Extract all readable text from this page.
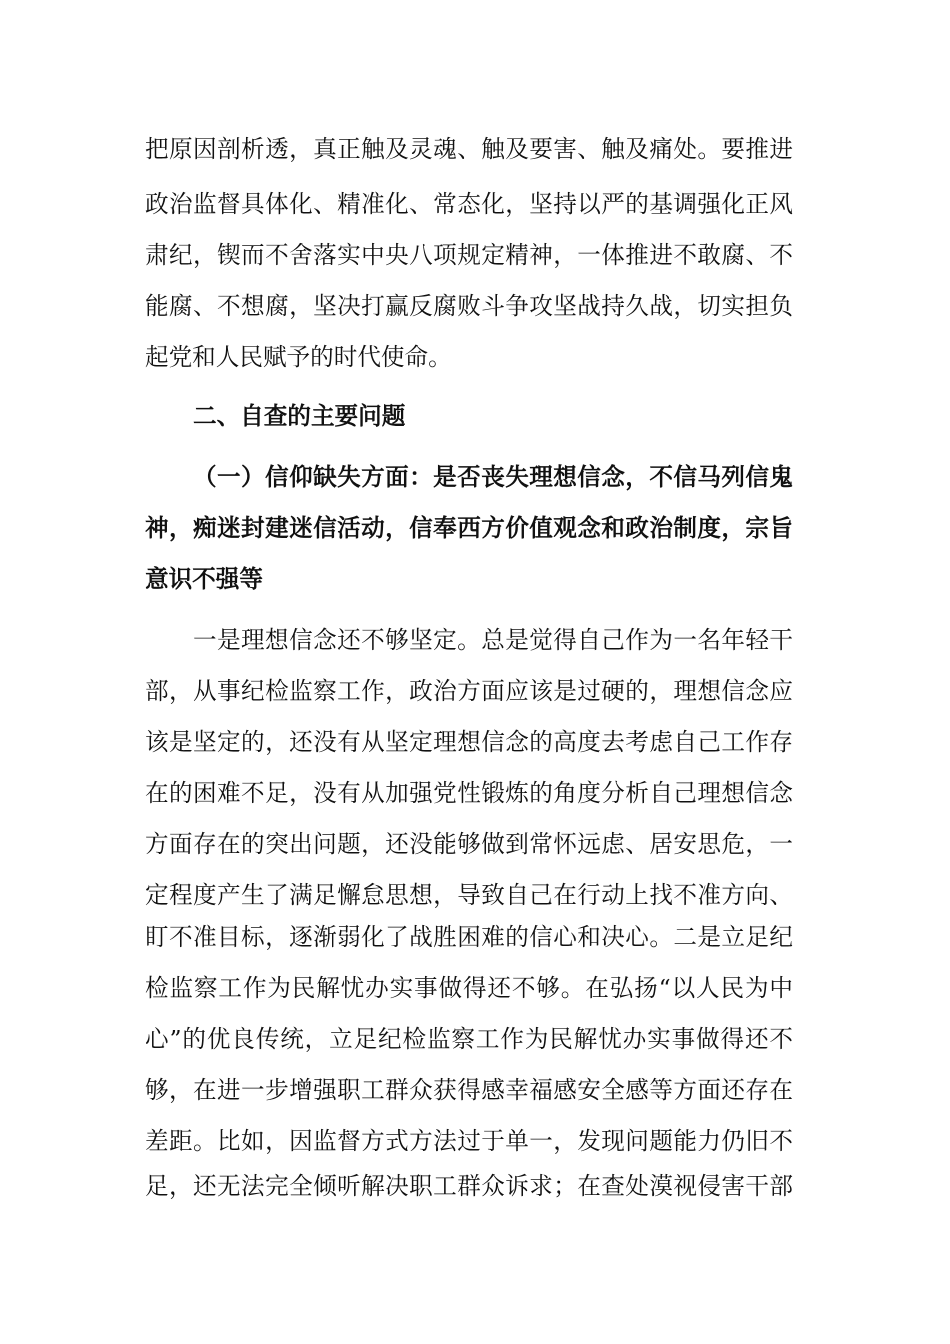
把原因剖析透，真正触及灵魂、触及要害、触及痛处。要推进
政治监督具体化、精准化、常态化，坚持以严的基调强化正风
肃纪，锲而不舍落实中央八项规定精神，一体推进不敢腐、不
能腐、不想腐，坚决打赢反腐败斗争攻坚战持久战，切实担负
起党和人民赋予的时代使命。
二、自查的主要问题
（一）信仰缺失方面：是否丧失理想信念，不信马列信鬼
神，痴迷封建迷信活动，信奉西方价值观念和政治制度，宗旨
意识不强等
一是理想信念还不够坚定。总是觉得自己作为一名年轻干
部，从事纪检监察工作，政治方面应该是过硬的，理想信念应
该是坚定的，还没有从坚定理想信念的高度去考虑自己工作存
在的困难不足，没有从加强党性锻炼的角度分析自己理想信念
方面存在的突出问题，还没能够做到常怀远虑、居安思危，一
定程度产生了满足懈怠思想，导致自己在行动上找不准方向、
盯不准目标，逐渐弱化了战胜困难的信心和决心。二是立足纪
检监察工作为民解忧办实事做得还不够。在弘扬“以人民为中
心”的优良传统，立足纪检监察工作为民解忧办实事做得还不
够，在进一步增强职工群众获得感幸福感安全感等方面还存在
差距。比如，因监督方式方法过于单一，发现问题能力仍旧不
足，还无法完全倾听解决职工群众诉求；在查处漠视侵害干部
